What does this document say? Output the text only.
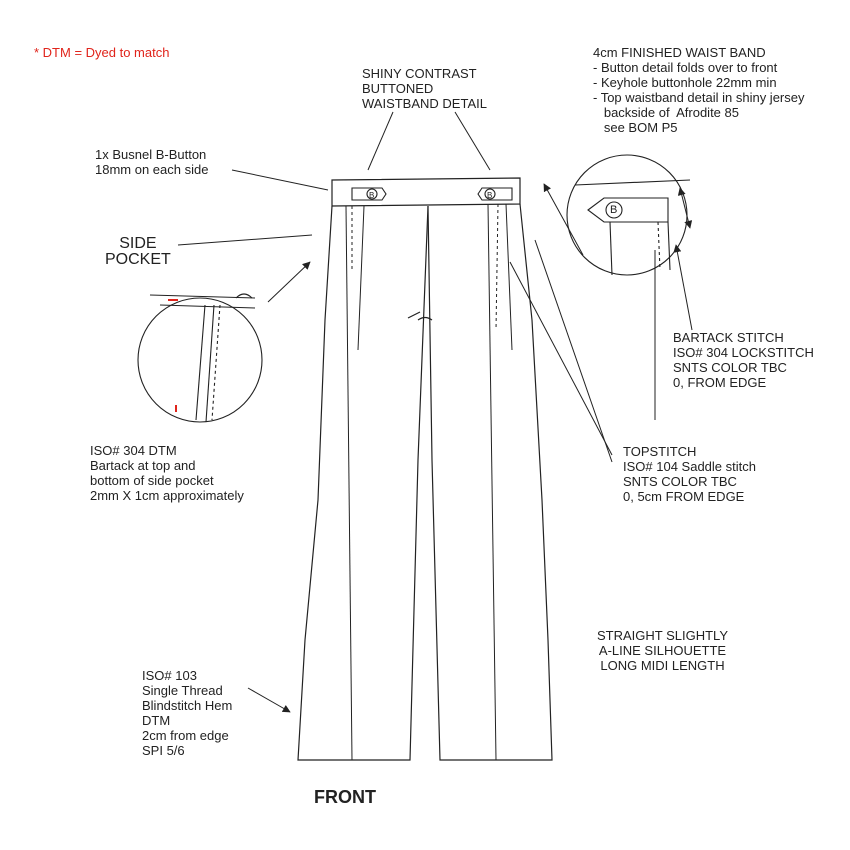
* DTM = Dyed to match
SHINY CONTRAST
BUTTONED
WAISTBAND DETAIL
4cm FINISHED WAIST BAND
- Button detail folds over to front
- Keyhole buttonhole 22mm min
- Top waistband detail in shiny jersey
backside of  Afrodite 85
see BOM P5
1x Busnel B-Button
18mm on each side
SIDE
POCKET
BARTACK STITCH
ISO# 304 LOCKSTITCH
SNTS COLOR TBC
0, FROM EDGE
ISO# 304 DTM
Bartack at top and
bottom of side pocket
2mm X 1cm approximately
TOPSTITCH
ISO# 104 Saddle stitch
SNTS COLOR TBC
0, 5cm FROM EDGE
STRAIGHT SLIGHTLY
A-LINE SILHOUETTE
LONG MIDI LENGTH
ISO# 103
Single Thread
Blindstitch Hem
DTM
2cm from edge
SPI 5/6
B	B
B
FRONT
